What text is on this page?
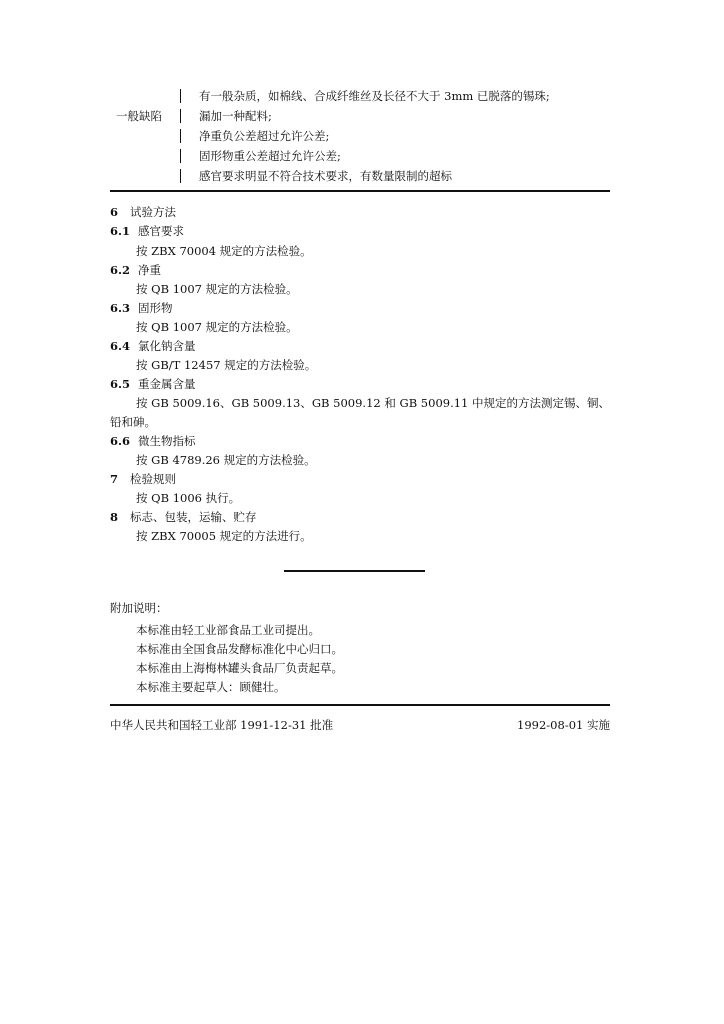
有一般杂质，如棉线、合成纤维丝及长径不大于 3mm 已脱落的锡珠;
一般缺陷	漏加一种配料;
净重负公差超过允许公差;
固形物重公差超过允许公差;
感官要求明显不符合技术要求，有数量限制的超标
6 试验方法
6.1 感官要求
按 ZBX 70004 规定的方法检验。
6.2 净重
按 QB 1007 规定的方法检验。
6.3 固形物
按 QB 1007 规定的方法检验。
6.4 氯化钠含量
按 GB/T 12457 规定的方法检验。
6.5 重金属含量
按 GB 5009.16、GB 5009.13、GB 5009.12 和 GB 5009.11 中规定的方法测定锡、铜、
铅和砷。
6.6 微生物指标
按 GB 4789.26 规定的方法检验。
7 检验规则
按 QB 1006 执行。
8 标志、包装，运输、贮存
按 ZBX 70005 规定的方法进行。
附加说明：
本标准由轻工业部食品工业司提出。
本标准由全国食品发酵标准化中心归口。
本标准由上海梅林罐头食品厂负责起草。
本标准主要起草人：顾健壮。
中华人民共和国轻工业部 1991-12-31 批准	1992-08-01 实施
